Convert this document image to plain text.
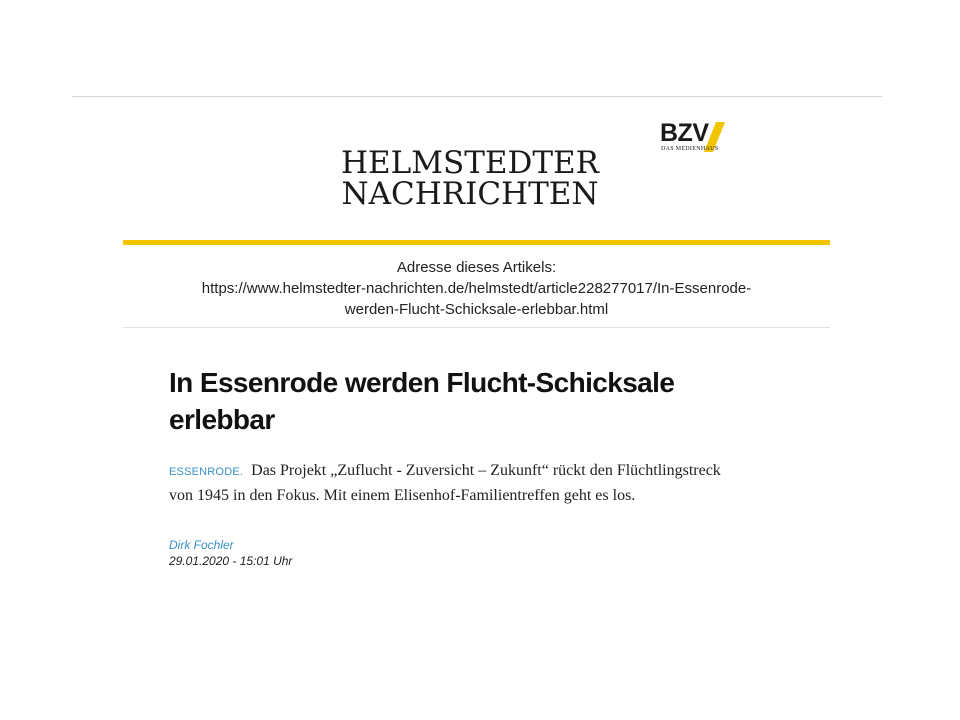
HELMSTEDTER
NACHRICHTEN
BZV
DAS MEDIENHAUS
Adresse dieses Artikels:
https://www.helmstedter-nachrichten.de/helmstedt/article228277017/In-Essenrode-
werden-Flucht-Schicksale-erlebbar.html
In Essenrode werden Flucht-Schicksale
erlebbar
ESSENRODE. Das Projekt „Zuflucht - Zuversicht – Zukunft“ rückt den Flüchtlingstreck
von 1945 in den Fokus. Mit einem Elisenhof-Familientreffen geht es los.
Dirk Fochler
29.01.2020 - 15:01 Uhr
